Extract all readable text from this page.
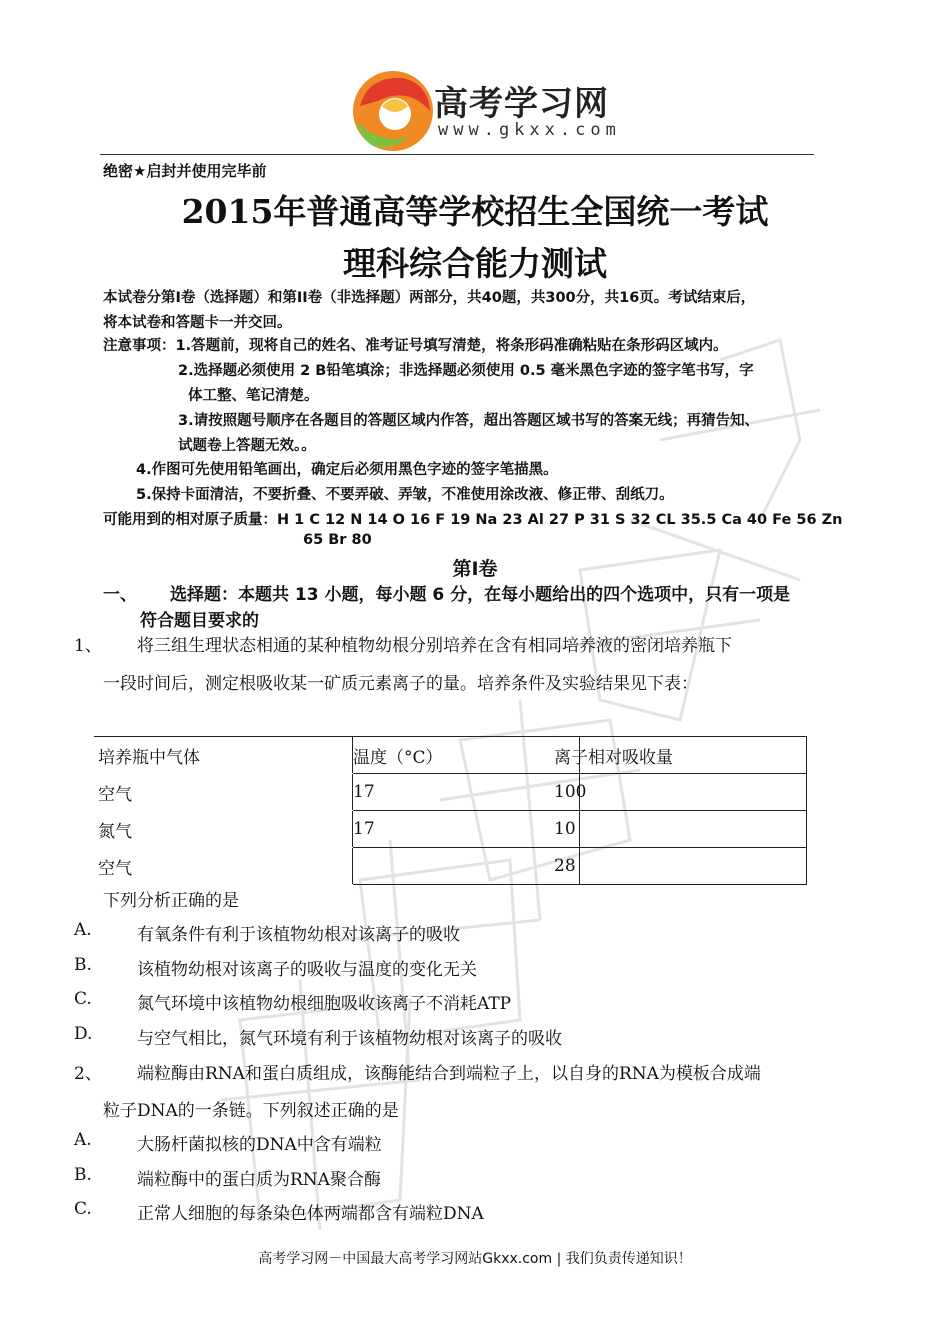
高考学习网
www.gkxx.com
绝密★启封并使用完毕前
2015年普通高等学校招生全国统一考试
理科综合能力测试
本试卷分第I卷（选择题）和第II卷（非选择题）两部分，共40题，共300分，共16页。考试结束后，
将本试卷和答题卡一并交回。
注意事项：1.答题前，现将自己的姓名、准考证号填写清楚，将条形码准确粘贴在条形码区域内。
2.选择题必须使用 2 B铅笔填涂；非选择题必须使用 0.5 毫米黑色字迹的签字笔书写，字
体工整、笔记清楚。
3.请按照题号顺序在各题目的答题区域内作答，超出答题区域书写的答案无线；再猜告知、
试题卷上答题无效。。
4.作图可先使用铅笔画出，确定后必须用黑色字迹的签字笔描黑。
5.保持卡面清洁，不要折叠、不要弄破、弄皱，不准使用涂改液、修正带、刮纸刀。
可能用到的相对原子质量：H 1 C 12 N 14 O 16 F 19 Na 23 Al 27 P 31 S 32 CL 35.5 Ca 40 Fe 56 Zn
65 Br 80
第I卷
一、 选择题：本题共 13 小题，每小题 6 分，在每小题给出的四个选项中，只有一项是
符合题目要求的
1、 将三组生理状态相通的某种植物幼根分别培养在含有相同培养液的密闭培养瓶下
一段时间后，测定根吸收某一矿质元素离子的量。培养条件及实验结果见下表：
培养瓶中气体	温度（°C）	离子相对吸收量
空气	17	100
氮气	17	10
空气		28
下列分析正确的是
A.	有氧条件有利于该植物幼根对该离子的吸收
B.	该植物幼根对该离子的吸收与温度的变化无关
C.	氮气环境中该植物幼根细胞吸收该离子不消耗ATP
D.	与空气相比，氮气环境有利于该植物幼根对该离子的吸收
2、 端粒酶由RNA和蛋白质组成，该酶能结合到端粒子上，以自身的RNA为模板合成端
粒子DNA的一条链。下列叙述正确的是
A.	大肠杆菌拟核的DNA中含有端粒
B.	端粒酶中的蛋白质为RNA聚合酶
C.	正常人细胞的每条染色体两端都含有端粒DNA
高考学习网－中国最大高考学习网站Gkxx.com | 我们负责传递知识！
